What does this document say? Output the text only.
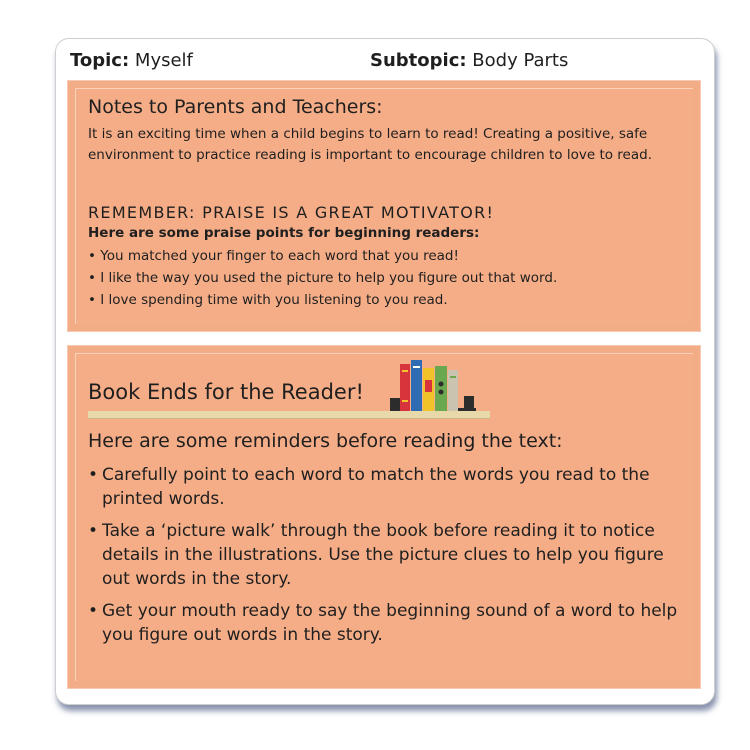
Topic: Myself	Subtopic: Body Parts
Notes to Parents and Teachers:
It is an exciting time when a child begins to learn to read! Creating a positive, safe environment to practice reading is important to encourage children to love to read.
REMEMBER: PRAISE IS A GREAT MOTIVATOR!
Here are some praise points for beginning readers:
• You matched your finger to each word that you read!
• I like the way you used the picture to help you figure out that word.
• I love spending time with you listening to you read.
Book Ends for the Reader!
Here are some reminders before reading the text:
• Carefully point to each word to match the words you read to the printed words.
• Take a ‘picture walk’ through the book before reading it to notice details in the illustrations. Use the picture clues to help you figure out words in the story.
• Get your mouth ready to say the beginning sound of a word to help you figure out words in the story.
